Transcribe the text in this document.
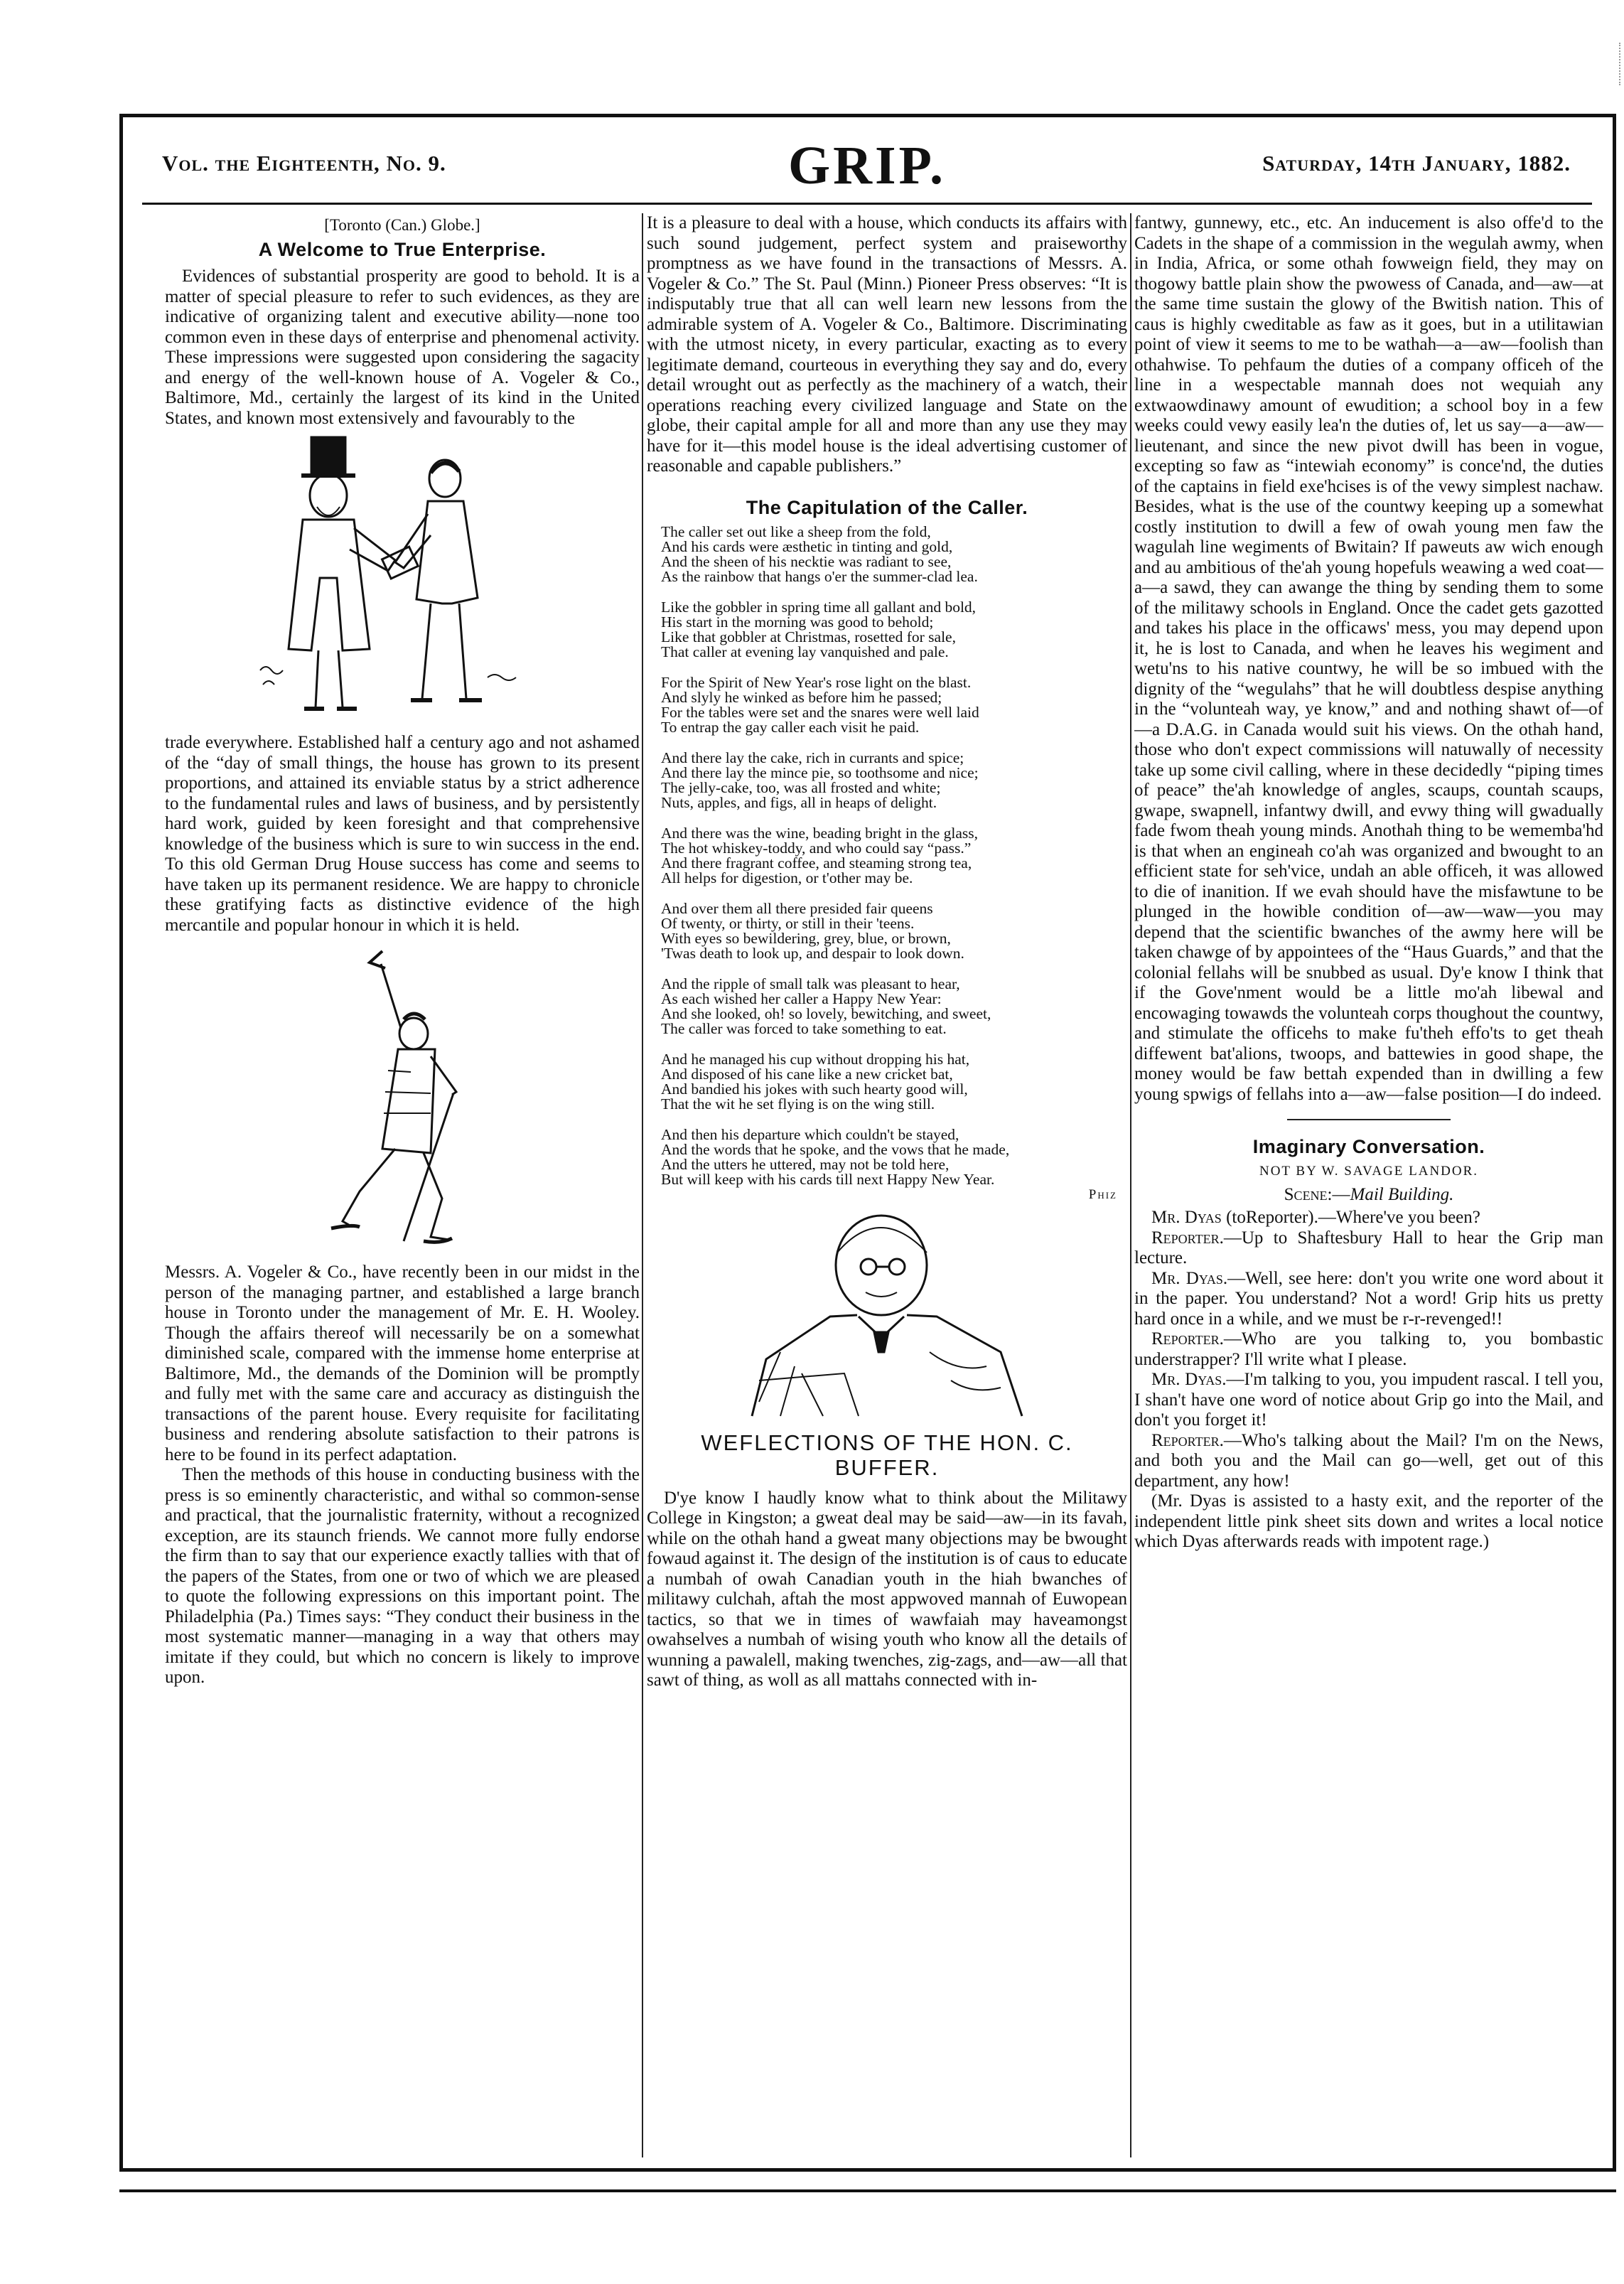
Vol. the Eighteenth, No. 9.	GRIP.	Saturday, 14th January, 1882.
[Toronto (Can.) Globe.]
A Welcome to True Enterprise.

Evidences of substantial prosperity are good to behold. It is a matter of special pleasure to refer to such evidences, as they are indicative of organizing talent and executive ability—none too common even in these days of enterprise and phenomenal activity. These impressions were suggested upon considering the sagacity and energy of the well-known house of A. Vogeler & Co., Baltimore, Md., certainly the largest of its kind in the United States, and known most extensively and favourably to the

trade everywhere. Established half a century ago and not ashamed of the “day of small things, the house has grown to its present proportions, and attained its enviable status by a strict adherence to the fundamental rules and laws of business, and by persistently hard work, guided by keen foresight and that comprehensive knowledge of the business which is sure to win success in the end. To this old German Drug House success has come and seems to have taken up its permanent residence. We are happy to chronicle these gratifying facts as distinctive evidence of the high mercantile and popular honour in which it is held.

Messrs. A. Vogeler & Co., have recently been in our midst in the person of the managing partner, and established a large branch house in Toronto under the management of Mr. E. H. Wooley. Though the affairs thereof will necessarily be on a somewhat diminished scale, compared with the immense home enterprise at Baltimore, Md., the demands of the Dominion will be promptly and fully met with the same care and accuracy as distinguish the transactions of the parent house. Every requisite for facilitating business and rendering absolute satisfaction to their patrons is here to be found in its perfect adaptation.

Then the methods of this house in conducting business with the press is so eminently characteristic, and withal so common-sense and practical, that the journalistic fraternity, without a recognized exception, are its staunch friends. We cannot more fully endorse the firm than to say that our experience exactly tallies with that of the papers of the States, from one or two of which we are pleased to quote the following expressions on this important point. The Philadelphia (Pa.) Times says: “They conduct their business in the most systematic manner—managing in a way that others may imitate if they could, but which no concern is likely to improve upon.

It is a pleasure to deal with a house, which conducts its affairs with such sound judgement, perfect system and praiseworthy promptness as we have found in the transactions of Messrs. A. Vogeler & Co.” The St. Paul (Minn.) Pioneer Press observes: “It is indisputably true that all can well learn new lessons from the admirable system of A. Vogeler & Co., Baltimore. Discriminating with the utmost nicety, in every particular, exacting as to every legitimate demand, courteous in everything they say and do, every detail wrought out as perfectly as the machinery of a watch, their operations reaching every civilized language and State on the globe, their capital ample for all and more than any use they may have for it—this model house is the ideal advertising customer of reasonable and capable publishers.”

The Capitulation of the Caller.

The caller set out like a sheep from the fold,

And his cards were æsthetic in tinting and gold,

And the sheen of his necktie was radiant to see,

As the rainbow that hangs o'er the summer-clad lea.

Like the gobbler in spring time all gallant and bold,

His start in the morning was good to behold;

Like that gobbler at Christmas, rosetted for sale,

That caller at evening lay vanquished and pale.

For the Spirit of New Year's rose light on the blast.

And slyly he winked as before him he passed;

For the tables were set and the snares were well laid

To entrap the gay caller each visit he paid.

And there lay the cake, rich in currants and spice;

And there lay the mince pie, so toothsome and nice;

The jelly-cake, too, was all frosted and white;

Nuts, apples, and figs, all in heaps of delight.

And there was the wine, beading bright in the glass,

The hot whiskey-toddy, and who could say “pass.”

And there fragrant coffee, and steaming strong tea,

All helps for digestion, or t'other may be.

And over them all there presided fair queens

Of twenty, or thirty, or still in their 'teens.

With eyes so bewildering, grey, blue, or brown,

'Twas death to look up, and despair to look down.

And the ripple of small talk was pleasant to hear,

As each wished her caller a Happy New Year:

And she looked, oh! so lovely, bewitching, and sweet,

The caller was forced to take something to eat.

And he managed his cup without dropping his hat,

And disposed of his cane like a new cricket bat,

And bandied his jokes with such hearty good will,

That the wit he set flying is on the wing still.

And then his departure which couldn't be stayed,

And the words that he spoke, and the vows that he made,

And the utters he uttered, may not be told here,

But will keep with his cards till next Happy New Year.

Phiz
WEFLECTIONS OF THE HON. C. BUFFER.

D'ye know I haudly know what to think about the Militawy College in Kingston; a gweat deal may be said—aw—in its favah, while on the othah hand a gweat many objections may be bwought fowaud against it. The design of the institution is of caus to educate a numbah of owah Canadian youth in the hiah bwanches of militawy culchah, aftah the most appwoved mannah of Euwopean tactics, so that we in times of wawfaiah may haveamongst owahselves a numbah of wising youth who know all the details of wunning a pawalell, making twenches, zig-zags, and—aw—all that sawt of thing, as woll as all mattahs connected with in-

fantwy, gunnewy, etc., etc. An inducement is also offe'd to the Cadets in the shape of a commission in the wegulah awmy, when in India, Africa, or some othah fowweign field, they may on thogowy battle plain show the pwowess of Canada, and—aw—at the same time sustain the glowy of the Bwitish nation. This of caus is highly cweditable as faw as it goes, but in a utilitawian point of view it seems to me to be wathah—a—aw—foolish than othahwise. To pehfaum the duties of a company officeh of the line in a wespectable mannah does not wequiah any extwaowdinawy amount of ewudition; a school boy in a few weeks could vewy easily lea'n the duties of, let us say—a—aw—lieutenant, and since the new pivot dwill has been in vogue, excepting so faw as “intewiah economy” is conce'nd, the duties of the captains in field exe'hcises is of the vewy simplest nachaw. Besides, what is the use of the countwy keeping up a somewhat costly institution to dwill a few of owah young men faw the wagulah line wegiments of Bwitain? If paweuts aw wich enough and au ambitious of the'ah young hopefuls weawing a wed coat—a—a sawd, they can awange the thing by sending them to some of the militawy schools in England. Once the cadet gets gazotted and takes his place in the officaws' mess, you may depend upon it, he is lost to Canada, and when he leaves his wegiment and wetu'ns to his native countwy, he will be so imbued with the dignity of the “wegulahs” that he will doubtless despise anything in the “volunteah way, ye know,” and and nothing shawt of—of—a D.A.G. in Canada would suit his views. On the othah hand, those who don't expect commissions will natuwally of necessity take up some civil calling, where in these decidedly “piping times of peace” the'ah knowledge of angles, scaups, countah scaups, gwape, swapnell, infantwy dwill, and evwy thing will gwadually fade fwom theah young minds. Anothah thing to be wememba'hd is that when an engineah co'ah was organized and bwought to an efficient state for seh'vice, undah an able officeh, it was allowed to die of inanition. If we evah should have the misfawtune to be plunged in the howible condition of—aw—waw—you may depend that the scientific bwanches of the awmy here will be taken chawge of by appointees of the “Haus Guards,” and that the colonial fellahs will be snubbed as usual. Dy'e know I think that if the Gove'nment would be a little mo'ah libewal and encowaging towawds the volunteah corps thoughout the countwy, and stimulate the officehs to make fu'theh effo'ts to get theah diffewent bat'alions, twoops, and battewies in good shape, the money would be faw bettah expended than in dwilling a few young spwigs of fellahs into a—aw—false position—I do indeed.

Imaginary Conversation.
NOT BY W. SAVAGE LANDOR.
Scene:—Mail Building.

Mr. Dyas (toReporter).—Where've you been?

Reporter.—Up to Shaftesbury Hall to hear the Grip man lecture.

Mr. Dyas.—Well, see here: don't you write one word about it in the paper. You understand? Not a word! Grip hits us pretty hard once in a while, and we must be r-r-revenged!!

Reporter.—Who are you talking to, you bombastic understrapper? I'll write what I please.

Mr. Dyas.—I'm talking to you, you impudent rascal. I tell you, I shan't have one word of notice about Grip go into the Mail, and don't you forget it!

Reporter.—Who's talking about the Mail? I'm on the News, and both you and the Mail can go—well, get out of this department, any how!

(Mr. Dyas is assisted to a hasty exit, and the reporter of the independent little pink sheet sits down and writes a local notice which Dyas afterwards reads with impotent rage.)
